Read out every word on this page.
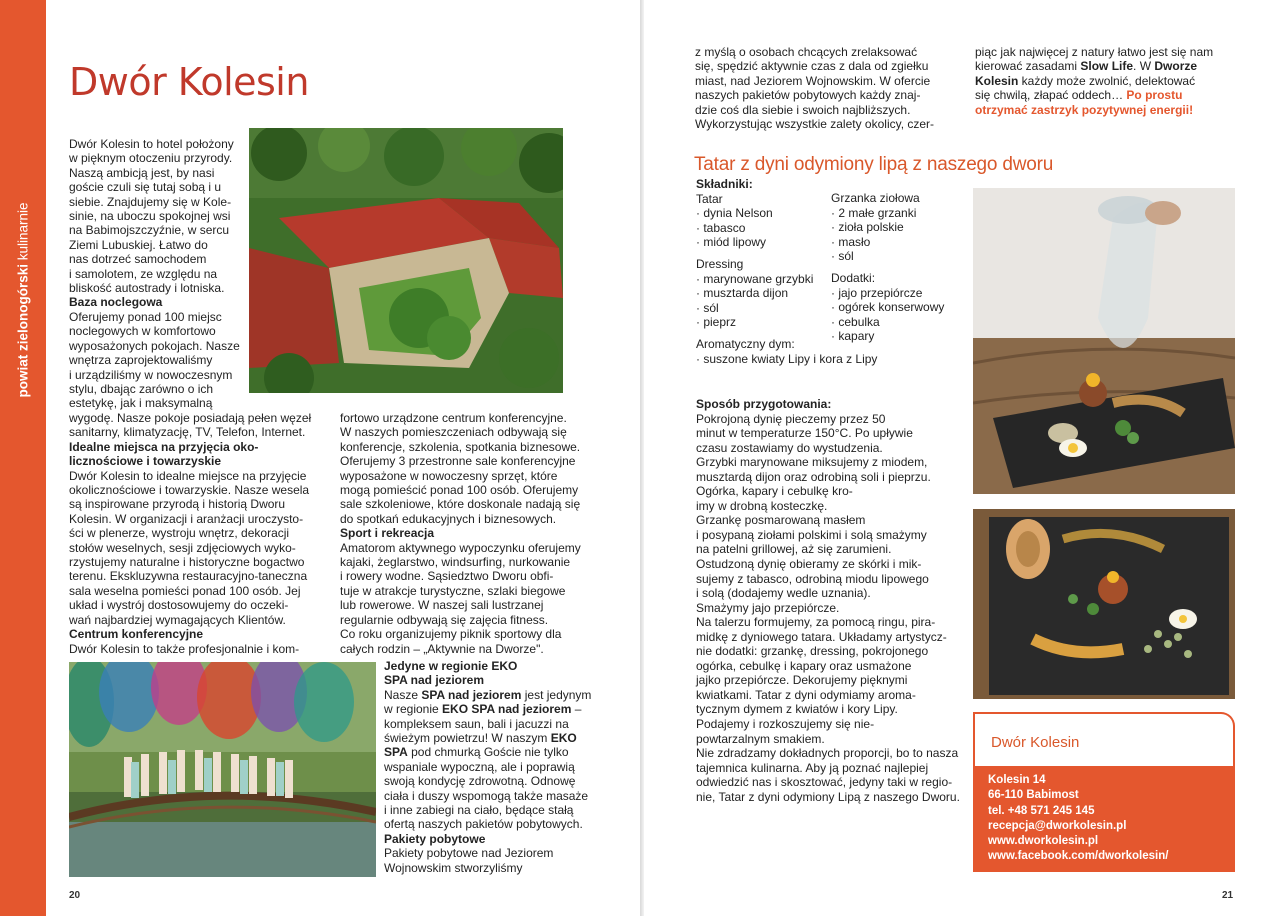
powiat zielonogórski kulinarnie
Dwór Kolesin

Dwór Kolesin to hotel położony

w pięknym otoczeniu przyrody.

Naszą ambicją jest, by nasi

goście czuli się tutaj sobą i u

siebie. Znajdujemy się w Kole-

sinie, na uboczu spokojnej wsi

na Babimojszczyźnie, w sercu

Ziemi Lubuskiej. Łatwo do

nas dotrzeć samochodem

i samolotem, ze względu na

bliskość autostrady i lotniska.

Baza noclegowa

Oferujemy ponad 100 miejsc

noclegowych w komfortowo

wyposażonych pokojach. Nasze

wnętrza zaprojektowaliśmy

i urządziliśmy w nowoczesnym

stylu, dbając zarówno o ich

estetykę, jak i maksymalną

wygodę. Nasze pokoje posiadają pełen węzeł

sanitarny, klimatyzację, TV, Telefon, Internet.

Idealne miejsca na przyjęcia oko-

licznościowe i towarzyskie

Dwór Kolesin to idealne miejsce na przyjęcie

okolicznościowe i towarzyskie. Nasze wesela

są inspirowane przyrodą i historią Dworu

Kolesin. W organizacji i aranżacji uroczysto-

ści w plenerze, wystroju wnętrz, dekoracji

stołów weselnych, sesji zdjęciowych wyko-

rzystujemy naturalne i historyczne bogactwo

terenu. Ekskluzywna restauracyjno-taneczna

sala weselna pomieści ponad 100 osób. Jej

układ i wystrój dostosowujemy do oczeki-

wań najbardziej wymagających Klientów.

Centrum konferencyjne

Dwór Kolesin to także profesjonalnie i kom-

fortowo urządzone centrum konferencyjne.

W naszych pomieszczeniach odbywają się

konferencje, szkolenia, spotkania biznesowe.

Oferujemy 3 przestronne sale konferencyjne

wyposażone w nowoczesny sprzęt, które

mogą pomieścić ponad 100 osób. Oferujemy

sale szkoleniowe, które doskonale nadają się

do spotkań edukacyjnych i biznesowych.

Sport i rekreacja

Amatorom aktywnego wypoczynku oferujemy

kajaki, żeglarstwo, windsurfing, nurkowanie

i rowery wodne. Sąsiedztwo Dworu obfi-

tuje w atrakcje turystyczne, szlaki biegowe

lub rowerowe. W naszej sali lustrzanej

regularnie odbywają się zajęcia fitness.

Co roku organizujemy piknik sportowy dla

całych rodzin – „Aktywnie na Dworze".

Jedyne w regionie EKO

SPA nad jeziorem

Nasze SPA nad jeziorem jest jedynym

w regionie EKO SPA nad jeziorem –

kompleksem saun, bali i jacuzzi na

świeżym powietrzu! W naszym EKO

SPA pod chmurką Goście nie tylko

wspaniale wypoczną, ale i poprawią

swoją kondycję zdrowotną. Odnowę

ciała i duszy wspomogą także masaże

i inne zabiegi na ciało, będące stałą

ofertą naszych pakietów pobytowych.

Pakiety pobytowe

Pakiety pobytowe nad Jeziorem

Wojnowskim stworzyliśmy

20

z myślą o osobach chcących zrelaksować

się, spędzić aktywnie czas z dala od zgiełku

miast, nad Jeziorem Wojnowskim. W ofercie

naszych pakietów pobytowych każdy znaj-

dzie coś dla siebie i swoich najbliższych.

Wykorzystując wszystkie zalety okolicy, czer-

piąc jak najwięcej z natury łatwo jest się nam

kierować zasadami Slow Life. W Dworze

Kolesin każdy może zwolnić, delektować

się chwilą, złapać oddech… Po prostu

otrzymać zastrzyk pozytywnej energii!

Tatar z dyni odymiony lipą z naszego dworu

Składniki:

Tatar

· dynia Nelson
· tabasco
· miód lipowy

Dressing

· marynowane grzybki
· musztarda dijon
· sól
· pieprz

Aromatyczny dym:

· suszone kwiaty Lipy i kora z Lipy

Grzanka ziołowa

· 2 małe grzanki
· zioła polskie
· masło
· sól

Dodatki:

· jajo przepiórcze
· ogórek konserwowy
· cebulka
· kapary

Sposób przygotowania:

Pokrojoną dynię pieczemy przez 50

minut w temperaturze 150°C. Po upływie

czasu zostawiamy do wystudzenia.

Grzybki marynowane miksujemy z miodem,

musztardą dijon oraz odrobiną soli i pieprzu.

Ogórka, kapary i cebulkę kro-

imy w drobną kosteczkę.

Grzankę posmarowaną masłem

i posypaną ziołami polskimi i solą smażymy

na patelni grillowej, aż się zarumieni.

Ostudzoną dynię obieramy ze skórki i mik-

sujemy z tabasco, odrobiną miodu lipowego

i solą (dodajemy wedle uznania).

Smażymy jajo przepiórcze.

Na talerzu formujemy, za pomocą ringu, pira-

midkę z dyniowego tatara. Układamy artystycz-

nie dodatki: grzankę, dressing, pokrojonego

ogórka, cebulkę i kapary oraz usmażone

jajko przepiórcze. Dekorujemy pięknymi

kwiatkami. Tatar z dyni odymiamy aroma-

tycznym dymem z kwiatów i kory Lipy.

Podajemy i rozkoszujemy się nie-

powtarzalnym smakiem.

Nie zdradzamy dokładnych proporcji, bo to nasza

tajemnica kulinarna. Aby ją poznać najlepiej

odwiedzić nas i skosztować, jedyny taki w regio-

nie, Tatar z dyni odymiony Lipą z naszego Dworu.

Dwór Kolesin

Kolesin 14

66-110 Babimost

tel. +48 571 245 145

recepcja@dworkolesin.pl

www.dworkolesin.pl

www.facebook.com/dworkolesin/

21
